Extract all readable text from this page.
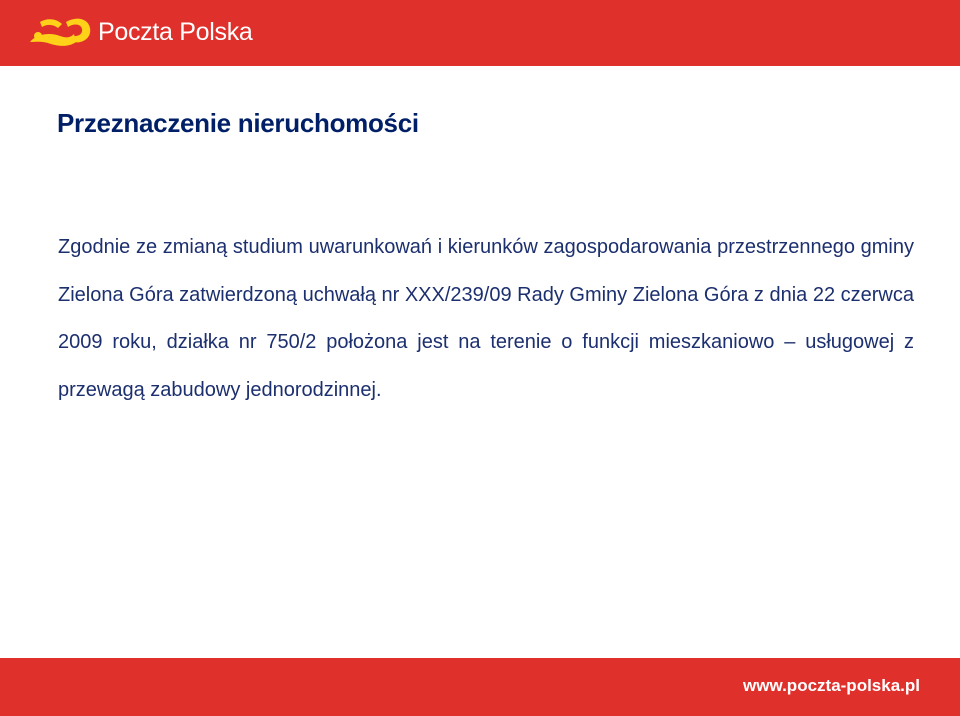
Poczta Polska
Przeznaczenie nieruchomości

Zgodnie ze zmianą studium uwarunkowań i kierunków zagospodarowania przestrzennego gminy Zielona Góra zatwierdzoną uchwałą nr XXX/239/09 Rady Gminy Zielona Góra z dnia 22 czerwca 2009 roku, działka nr 750/2 położona jest na terenie o funkcji mieszkaniowo – usługowej z przewagą zabudowy jednorodzinnej.

www.poczta-polska.pl
